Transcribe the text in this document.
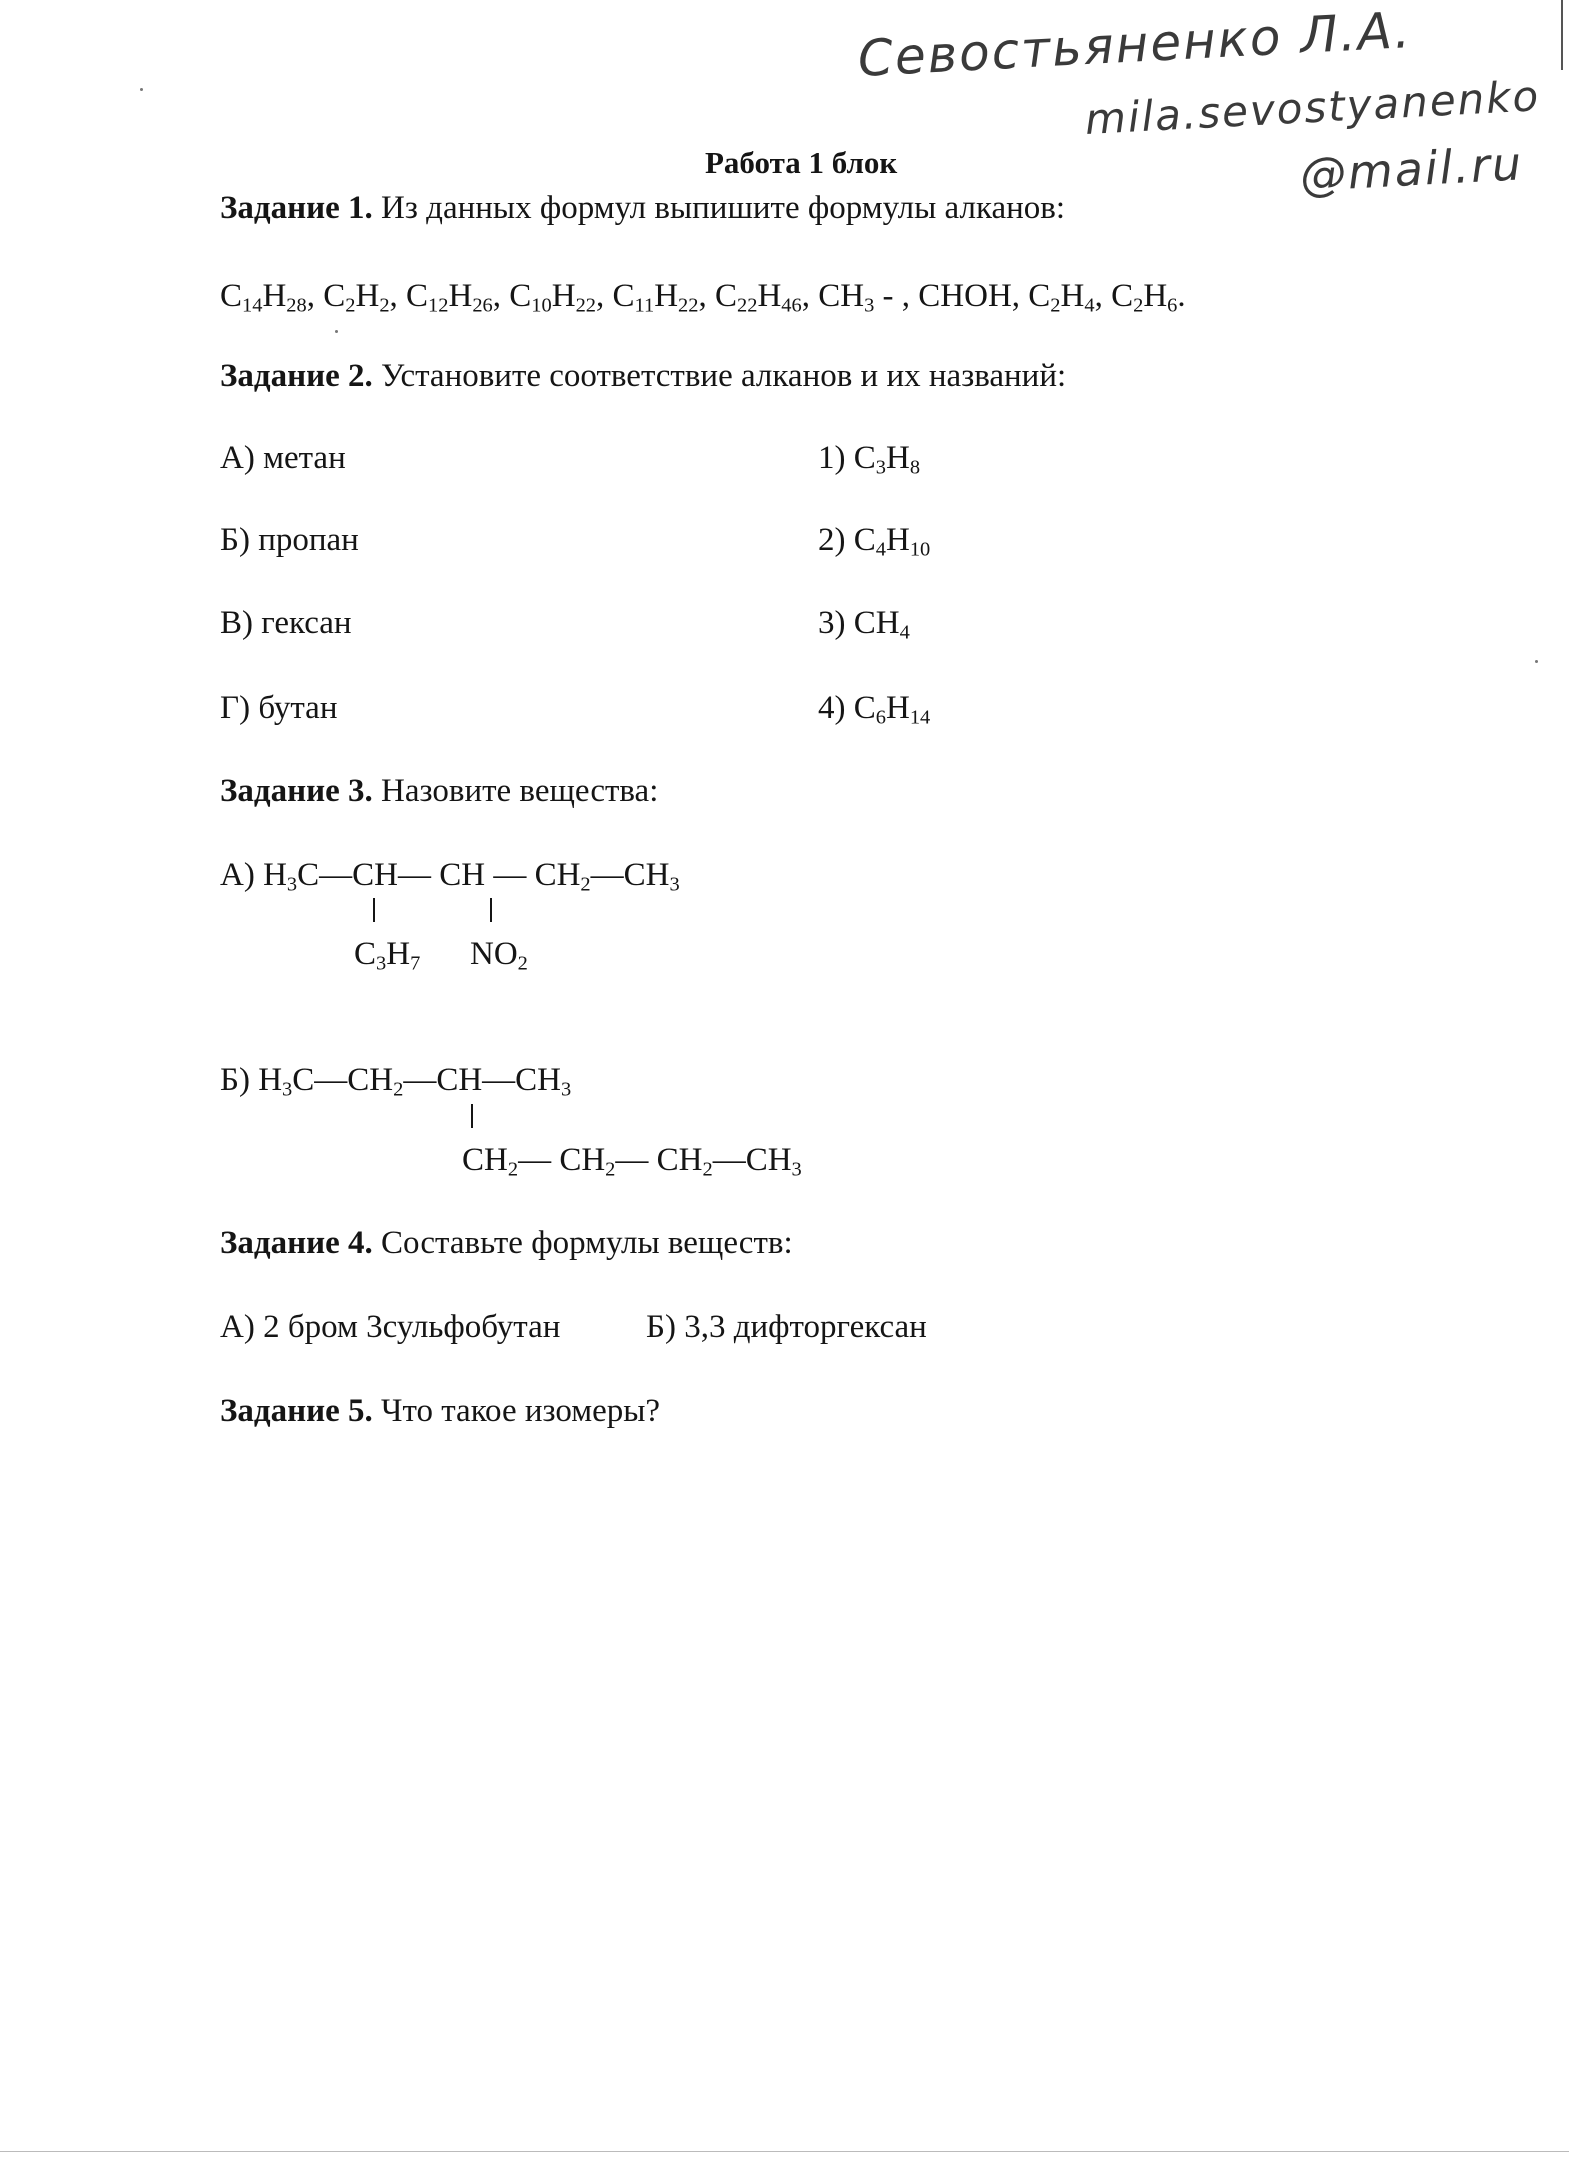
Севостьяненко Л.А.
mila.sevostyanenko
@mail.ru
Работа 1 блок
Задание 1. Из данных формул выпишите формулы алканов:
$C_{14}H_{28}$, $C_2H_2$, $C_{12}H_{26}$, $C_{10}H_{22}$, $C_{11}H_{22}$, $C_{22}H_{46}$, $CH_3$ - , CHOH, $C_2H_4$, $C_2H_6$.
Задание 2. Установите соответствие алканов и их названий:
А) метан
Б) пропан
В) гексан
Г) бутан
1) $C_3H_8$
2) $C_4H_{10}$
3) $CH_4$
4) $C_6H_{14}$
Задание 3. Назовите вещества:
А) $H_3C—CH—$ CH — $CH_2—CH_3$
$C_3H_7$ $NO_2$
Б) $H_3C—CH_2—CH—CH_3$
$CH_2—$ $CH_2—$ $CH_2—CH_3$
Задание 4. Составьте формулы веществ:
А) 2 бром 3сульфобутан	Б) 3,3 дифторгексан
Задание 5. Что такое изомеры?
